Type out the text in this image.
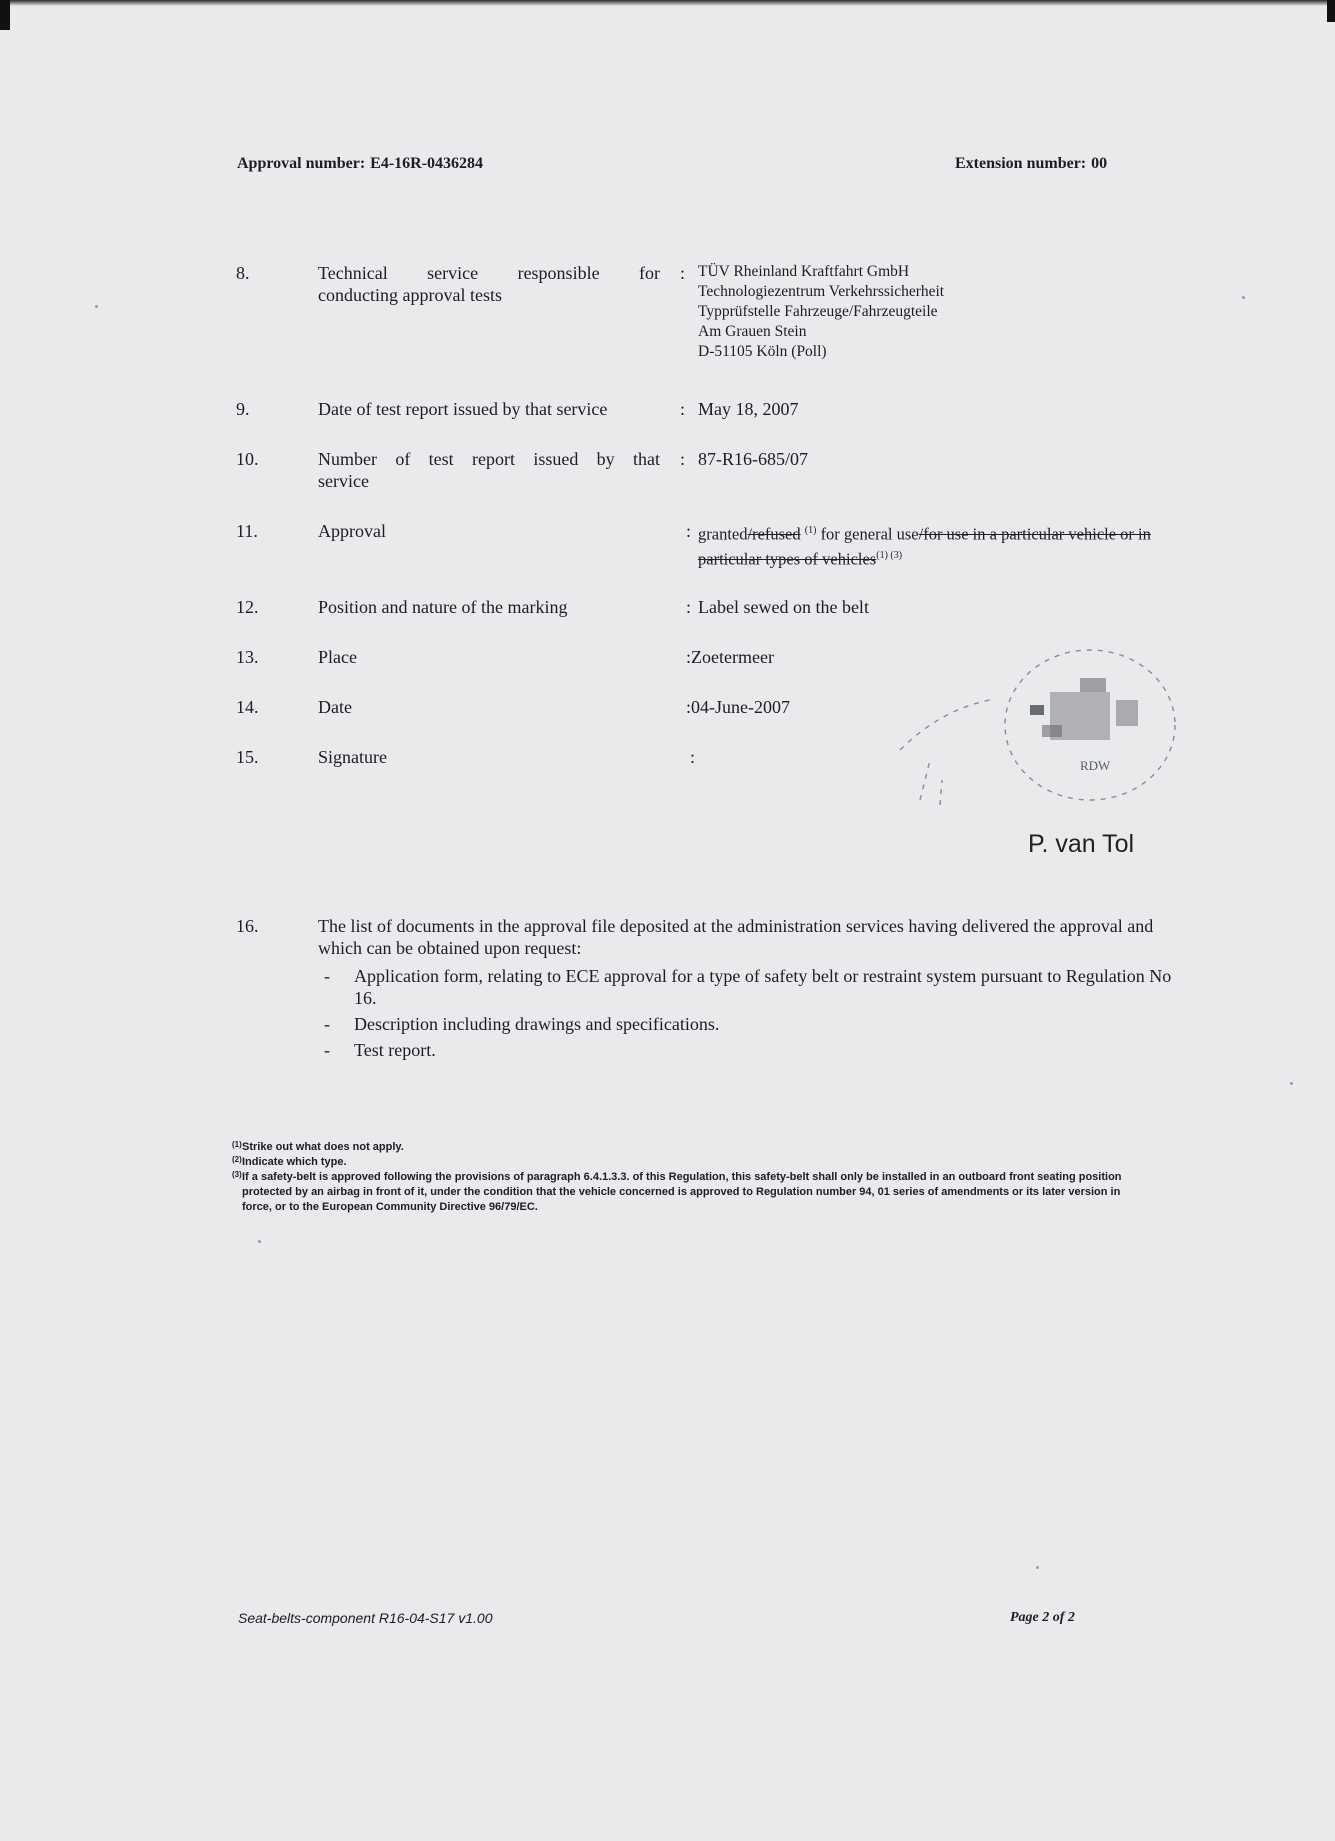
Approval number: E4-16R-0436284	Extension number: 00
8.	Technical service responsible for
conducting approval tests
: TÜV Rheinland Kraftfahrt GmbH
Technologiezentrum Verkehrssicherheit
Typprüfstelle Fahrzeuge/Fahrzeugteile
Am Grauen Stein
D-51105 Köln (Poll)
9.	Date of test report issued by that service	: May 18, 2007
10.	Number of test report issued by that
service
: 87-R16-685/07
11.	Approval	: granted/refused $^{(1)}$ for general use/for use in a particular vehicle or in particular types of vehicles$^{(1) (3)}$
12.	Position and nature of the marking	: Label sewed on the belt
13.	Place	:Zoetermeer
14.	Date	:04-June-2007
15.	Signature	:	RDW
P. van Tol
16.	The list of documents in the approval file deposited at the administration services having delivered the approval and which can be obtained upon request:
- Application form, relating to ECE approval for a type of safety belt or restraint system pursuant to Regulation No 16.
- Description including drawings and specifications.
- Test report.
(1) Strike out what does not apply.
(2) Indicate which type.
(3) If a safety-belt is approved following the provisions of paragraph 6.4.1.3.3. of this Regulation, this safety-belt shall only be installed in an outboard front seating position protected by an airbag in front of it, under the condition that the vehicle concerned is approved to Regulation number 94, 01 series of amendments or its later version in force, or to the European Community Directive 96/79/EC.
Seat-belts-component R16-04-S17 v1.00	Page 2 of 2
